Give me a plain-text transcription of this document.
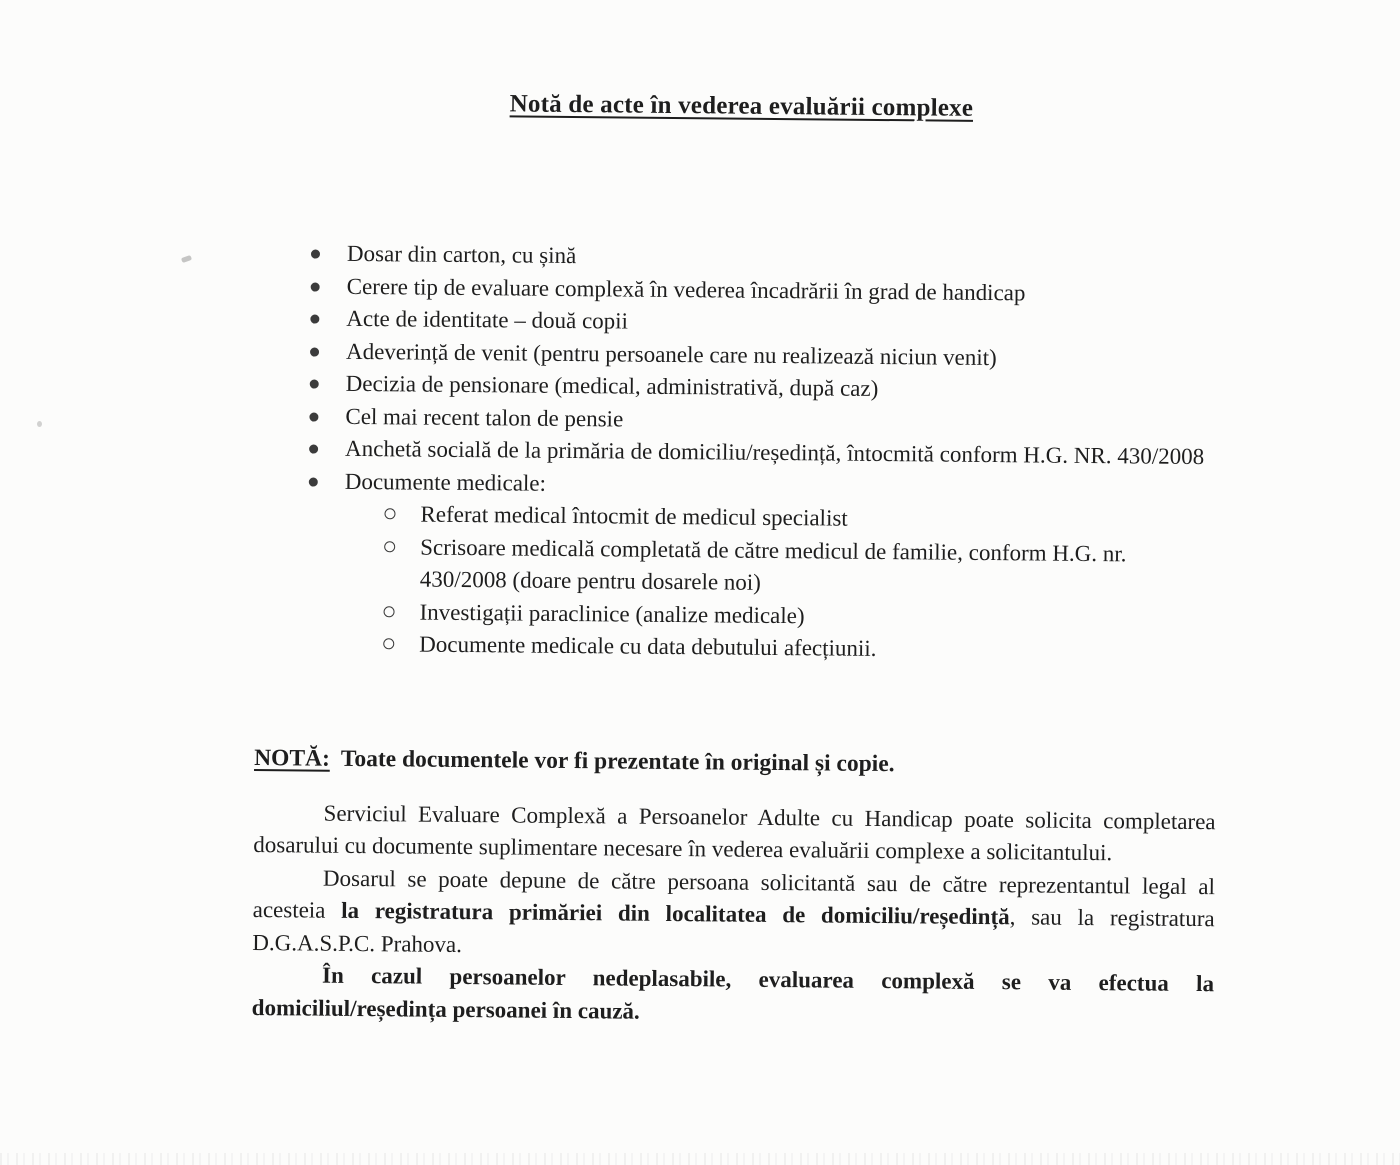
Notă de acte în vederea evaluării complexe
Dosar din carton, cu șină
Cerere tip de evaluare complexă în vederea încadrării în grad de handicap
Acte de identitate – două copii
Adeverință de venit (pentru persoanele care nu realizează niciun venit)
Decizia de pensionare (medical, administrativă, după caz)
Cel mai recent talon de pensie
Anchetă socială de la primăria de domiciliu/reședință, întocmită conform H.G. NR. 430/2008
Documente medicale:
Referat medical întocmit de medicul specialist
Scrisoare medicală completată de către medicul de familie, conform H.G. nr. 430/2008 (doare pentru dosarele noi)
Investigații paraclinice (analize medicale)
Documente medicale cu data debutului afecțiunii.

NOTĂ: Toate documentele vor fi prezentate în original și copie.

Serviciul Evaluare Complexă a Persoanelor Adulte cu Handicap poate solicita completarea dosarului cu documente suplimentare necesare în vederea evaluării complexe a solicitantului.

Dosarul se poate depune de către persoana solicitantă sau de către reprezentantul legal al acesteia la registratura primăriei din localitatea de domiciliu/reședință, sau la registratura D.G.A.S.P.C. Prahova.

În cazul persoanelor nedeplasabile, evaluarea complexă se va efectua la domiciliul/reședința persoanei în cauză.
